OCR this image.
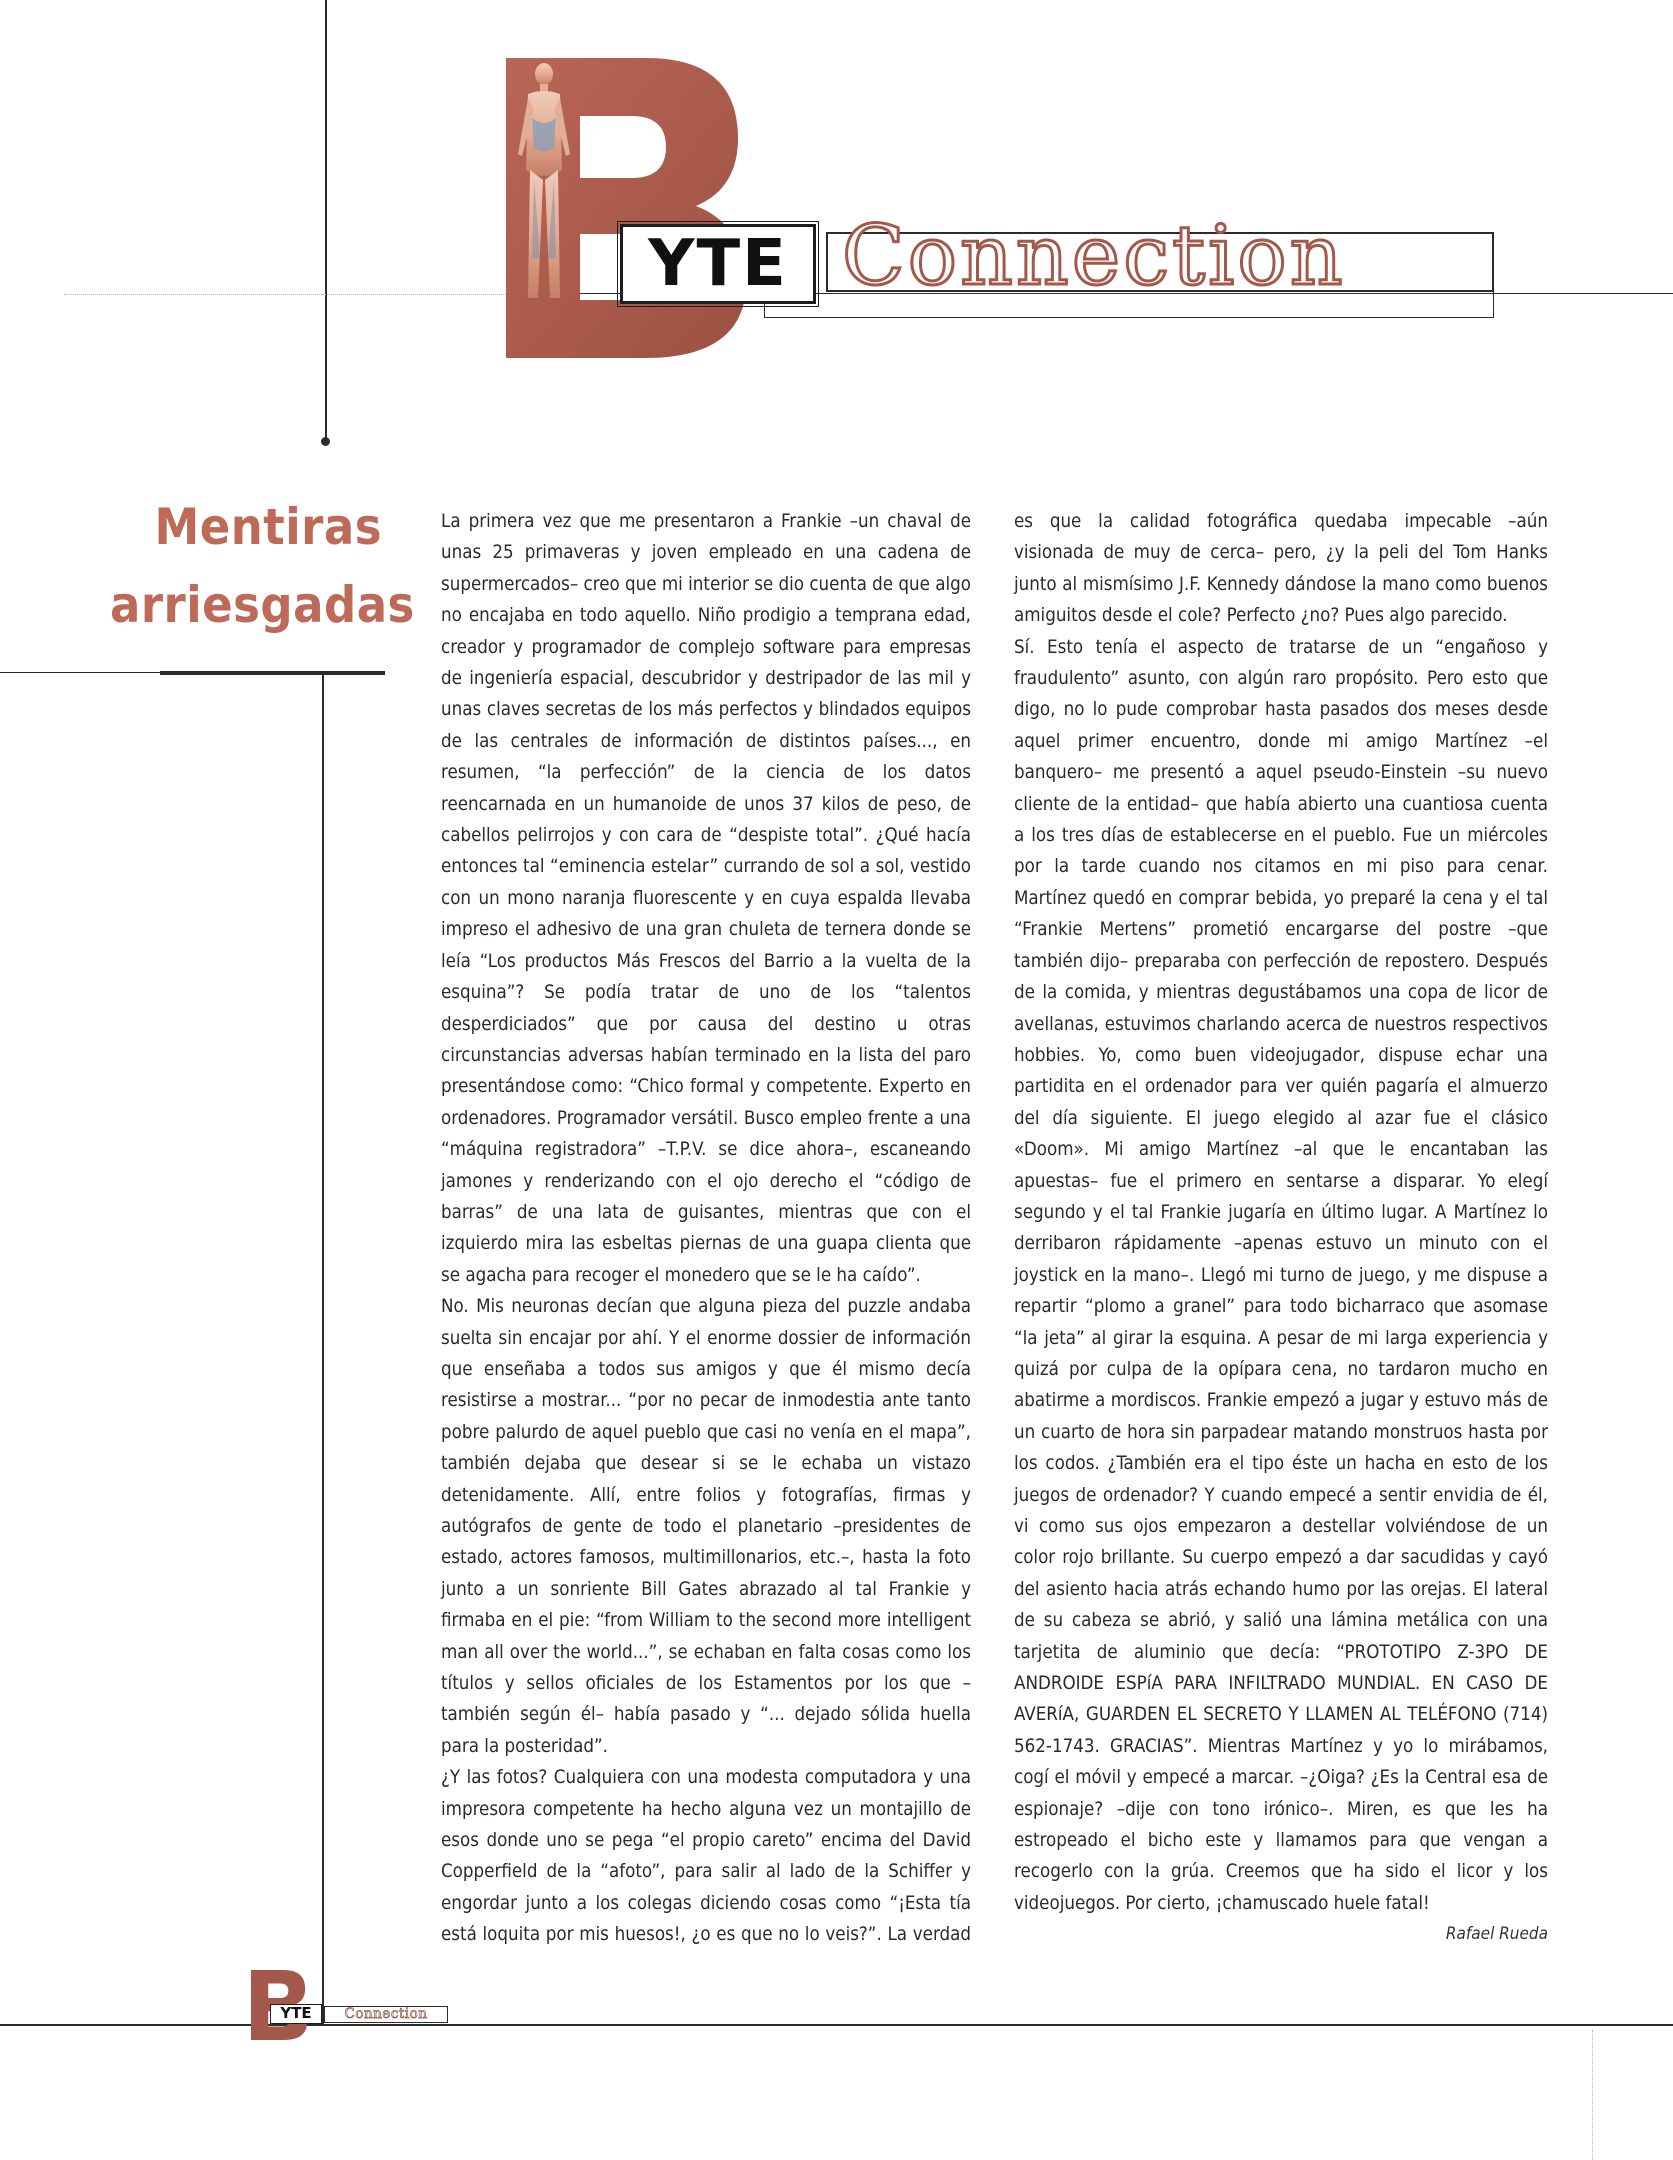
Connection
YTE
Mentiras
arriesgadas

La primera vez que me presentaron a Frankie –un chaval de unas 25 primaveras y joven empleado en una cadena de supermercados– creo que mi interior se dio cuenta de que algo no encajaba en todo aquello. Niño prodigio a temprana edad, creador y programador de complejo software para empresas de ingeniería espacial, descubridor y destripador de las mil y unas claves secretas de los más perfectos y blindados equipos de las centrales de información de distintos países..., en resumen, “la perfección” de la ciencia de los datos reencarnada en un humanoide de unos 37 kilos de peso, de cabellos pelirrojos y con cara de “despiste total”. ¿Qué hacía entonces tal “eminencia estelar” currando de sol a sol, vestido con un mono naranja fluorescente y en cuya espalda llevaba impreso el adhesivo de una gran chuleta de ternera donde se leía “Los productos Más Frescos del Barrio a la vuelta de la esquina”? Se podía tratar de uno de los “talentos desperdiciados” que por causa del destino u otras circunstancias adversas habían terminado en la lista del paro presentándose como: “Chico formal y competente. Experto en ordenadores. Programador versátil. Busco empleo frente a una “máquina registradora” –T.P.V. se dice ahora–, escaneando jamones y renderizando con el ojo derecho el “código de barras” de una lata de guisantes, mientras que con el izquierdo mira las esbeltas piernas de una guapa clienta que se agacha para recoger el monedero que se le ha caído”.

No. Mis neuronas decían que alguna pieza del puzzle andaba suelta sin encajar por ahí. Y el enorme dossier de información que enseñaba a todos sus amigos y que él mismo decía resistirse a mostrar... “por no pecar de inmodestia ante tanto pobre palurdo de aquel pueblo que casi no venía en el mapa”, también dejaba que desear si se le echaba un vistazo detenidamente. Allí, entre folios y fotografías, firmas y autógrafos de gente de todo el planetario –presidentes de estado, actores famosos, multimillonarios, etc.–, hasta la foto junto a un sonriente Bill Gates abrazado al tal Frankie y firmaba en el pie: “from William to the second more intelligent man all over the world...”, se echaban en falta cosas como los títulos y sellos oficiales de los Estamentos por los que –también según él– había pasado y “... dejado sólida huella para la posteridad”.

¿Y las fotos? Cualquiera con una modesta computadora y una impresora competente ha hecho alguna vez un montajillo de esos donde uno se pega “el propio careto” encima del David Copperfield de la “afoto”, para salir al lado de la Schiffer y engordar junto a los colegas diciendo cosas como “¡Esta tía está loquita por mis huesos!, ¿o es que no lo veis?”. La verdad

es que la calidad fotográfica quedaba impecable –aún visionada de muy de cerca– pero, ¿y la peli del Tom Hanks junto al mismísimo J.F. Kennedy dándose la mano como buenos amiguitos desde el cole? Perfecto ¿no? Pues algo parecido.

Sí. Esto tenía el aspecto de tratarse de un “engañoso y fraudulento” asunto, con algún raro propósito. Pero esto que digo, no lo pude comprobar hasta pasados dos meses desde aquel primer encuentro, donde mi amigo Martínez –el banquero– me presentó a aquel pseudo-Einstein –su nuevo cliente de la entidad– que había abierto una cuantiosa cuenta a los tres días de establecerse en el pueblo. Fue un miércoles por la tarde cuando nos citamos en mi piso para cenar. Martínez quedó en comprar bebida, yo preparé la cena y el tal “Frankie Mertens” prometió encargarse del postre –que también dijo– preparaba con perfección de repostero. Después de la comida, y mientras degustábamos una copa de licor de avellanas, estuvimos charlando acerca de nuestros respectivos hobbies. Yo, como buen videojugador, dispuse echar una partidita en el ordenador para ver quién pagaría el almuerzo del día siguiente. El juego elegido al azar fue el clásico «Doom». Mi amigo Martínez –al que le encantaban las apuestas– fue el primero en sentarse a disparar. Yo elegí segundo y el tal Frankie jugaría en último lugar. A Martínez lo derribaron rápidamente –apenas estuvo un minuto con el joystick en la mano–. Llegó mi turno de juego, y me dispuse a repartir “plomo a granel” para todo bicharraco que asomase “la jeta” al girar la esquina. A pesar de mi larga experiencia y quizá por culpa de la opípara cena, no tardaron mucho en abatirme a mordiscos. Frankie empezó a jugar y estuvo más de un cuarto de hora sin parpadear matando monstruos hasta por los codos. ¿También era el tipo éste un hacha en esto de los juegos de ordenador? Y cuando empecé a sentir envidia de él, vi como sus ojos empezaron a destellar volviéndose de un color rojo brillante. Su cuerpo empezó a dar sacudidas y cayó del asiento hacia atrás echando humo por las orejas. El lateral de su cabeza se abrió, y salió una lámina metálica con una tarjetita de aluminio que decía: “PROTOTIPO Z-3PO DE ANDROIDE ESPíA PARA INFILTRADO MUNDIAL. EN CASO DE AVERíA, GUARDEN EL SECRETO Y LLAMEN AL TELÉFONO (714) 562-1743. GRACIAS”. Mientras Martínez y yo lo mirábamos, cogí el móvil y empecé a marcar. –¿Oiga? ¿Es la Central esa de espionaje? –dije con tono irónico–. Miren, es que les ha estropeado el bicho este y llamamos para que vengan a recogerlo con la grúa. Creemos que ha sido el licor y los videojuegos. Por cierto, ¡chamuscado huele fatal!

Rafael Rueda

YTE	Connection
